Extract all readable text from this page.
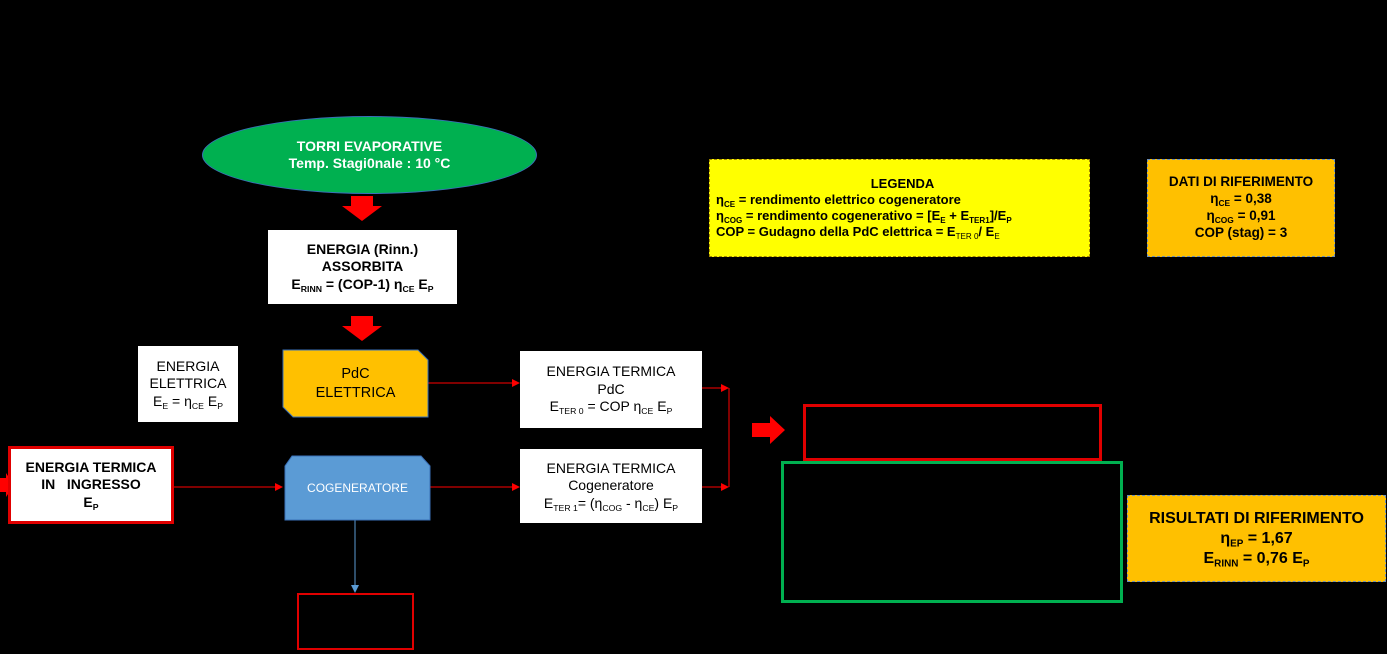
TORRI EVAPORATIVE
Temp. Stagi0nale : 10 °C
ENERGIA (Rinn.)
ASSORBITA
$E_{RINN} = (COP-1)$ $\eta_{CE}$ $E_P$
ENERGIA
ELETTRICA
$E_E = \eta_{CE}$ $E_P$
PdC
ELETTRICA
COGENERATORE
ENERGIA TERMICA
PdC
$E_{TER 0}$ = COP $\eta_{CE}$ $E_P$
ENERGIA TERMICA
Cogeneratore
$E_{TER 1}= (\eta_{COG} - \eta_{CE})$ $E_P$
ENERGIA TERMICA
IN   INGRESSO
$E_P$
LEGENDA
$\eta_{CE}$ = rendimento elettrico cogeneratore
$\eta_{COG}$ = rendimento cogenerativo = $[E_E + E_{TER1}]/E_P$
COP = Gudagno della PdC elettrica = $E_{TER 0}/$ $E_E$
DATI DI RIFERIMENTO
$\eta_{CE} = 0,38$
$\eta_{COG} = 0,91$
COP (stag) = 3
RISULTATI DI RIFERIMENTO
$\eta_{EP} = 1,67$
$E_{RINN} = 0,76$ $E_P$
